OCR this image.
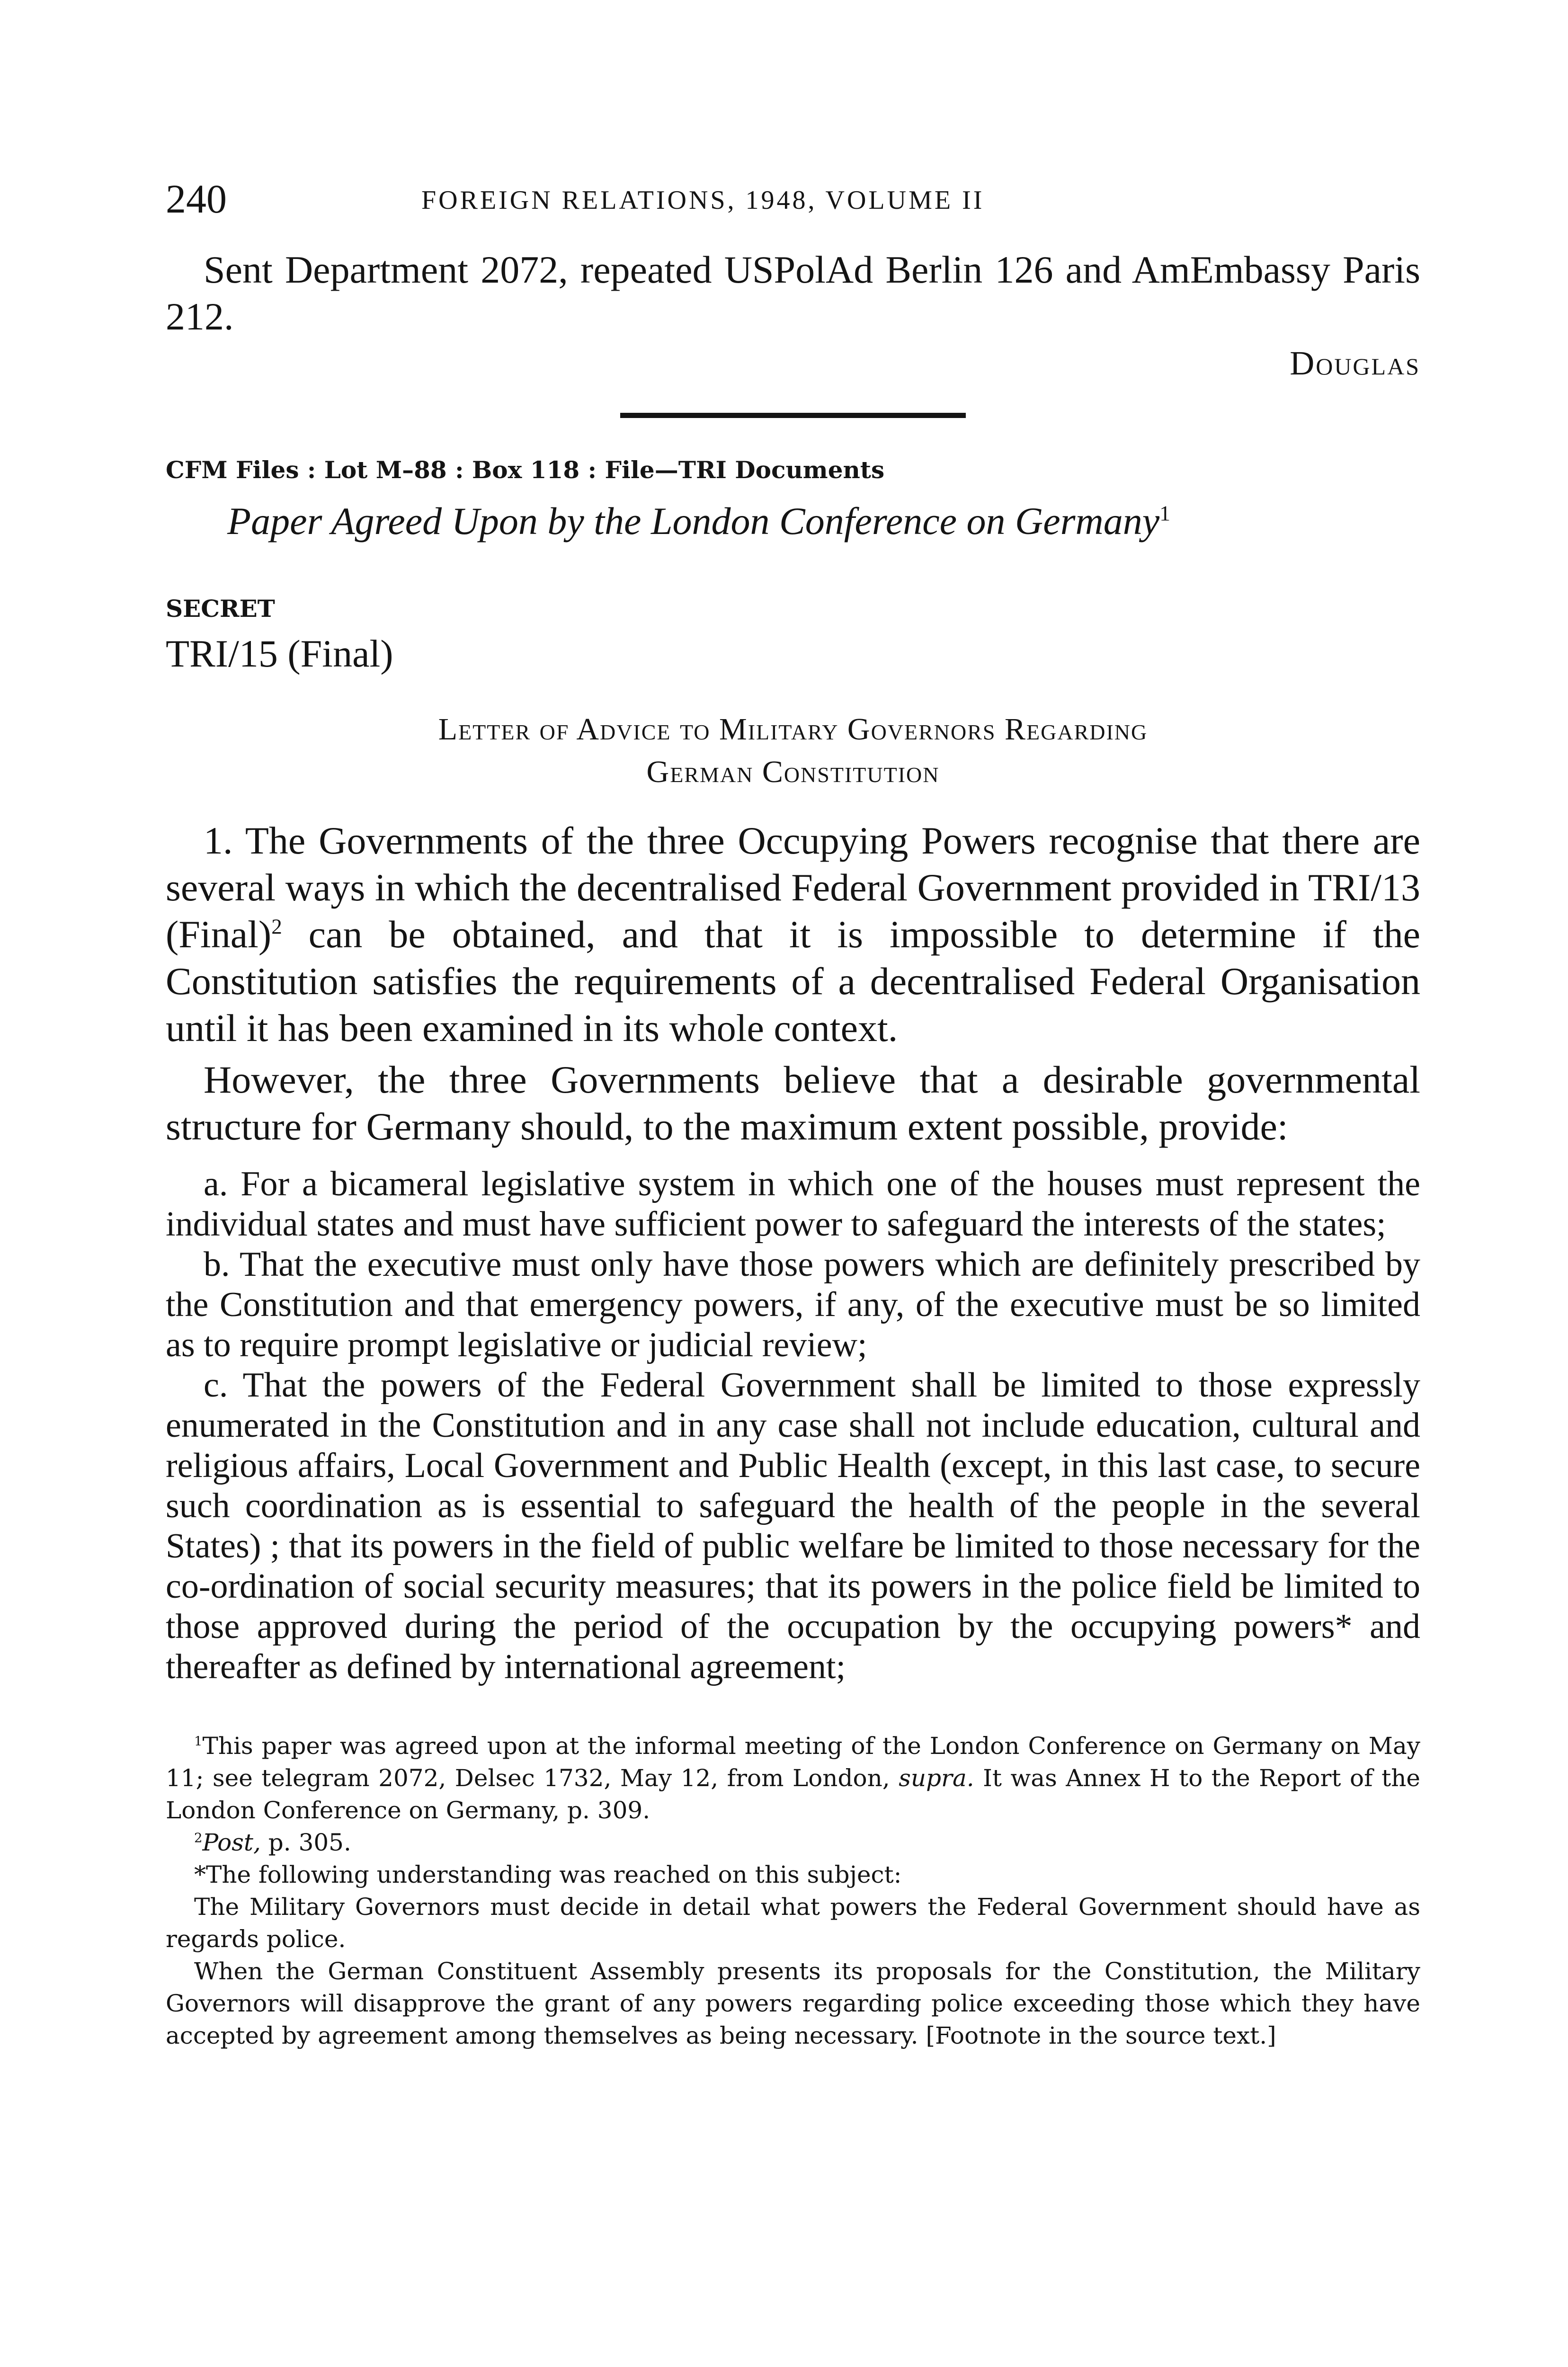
240	FOREIGN RELATIONS, 1948, VOLUME II

Sent Department 2072, repeated USPolAd Berlin 126 and AmEmbassy Paris 212.

Douglas

CFM Files : Lot M–88 : Box 118 : File—TRI Documents
Paper Agreed Upon by the London Conference on Germany$^1$
SECRET

TRI/15 (Final)

Letter of Advice to Military Governors Regarding
German Constitution

1. The Governments of the three Occupying Powers recognise that there are several ways in which the decentralised Federal Government provided in TRI/13 (Final)$^2$ can be obtained, and that it is impossible to determine if the Constitution satisfies the requirements of a decentralised Federal Organisation until it has been examined in its whole context.

However, the three Governments believe that a desirable governmental structure for Germany should, to the maximum extent possible, provide:

a. For a bicameral legislative system in which one of the houses must represent the individual states and must have sufficient power to safeguard the interests of the states;

b. That the executive must only have those powers which are definitely prescribed by the Constitution and that emergency powers, if any, of the executive must be so limited as to require prompt legislative or judicial review;

c. That the powers of the Federal Government shall be limited to those expressly enumerated in the Constitution and in any case shall not include education, cultural and religious affairs, Local Government and Public Health (except, in this last case, to secure such coordination as is essential to safeguard the health of the people in the several States) ; that its powers in the field of public welfare be limited to those necessary for the co-ordination of social security measures; that its powers in the police field be limited to those approved during the period of the occupation by the occupying powers* and thereafter as defined by international agreement;

$^1$This paper was agreed upon at the informal meeting of the London Conference on Germany on May 11; see telegram 2072, Delsec 1732, May 12, from London, supra. It was Annex H to the Report of the London Conference on Germany, p. 309.

$^2$Post, p. 305.

*The following understanding was reached on this subject:

The Military Governors must decide in detail what powers the Federal Government should have as regards police.

When the German Constituent Assembly presents its proposals for the Constitution, the Military Governors will disapprove the grant of any powers regarding police exceeding those which they have accepted by agreement among themselves as being necessary. [Footnote in the source text.]
